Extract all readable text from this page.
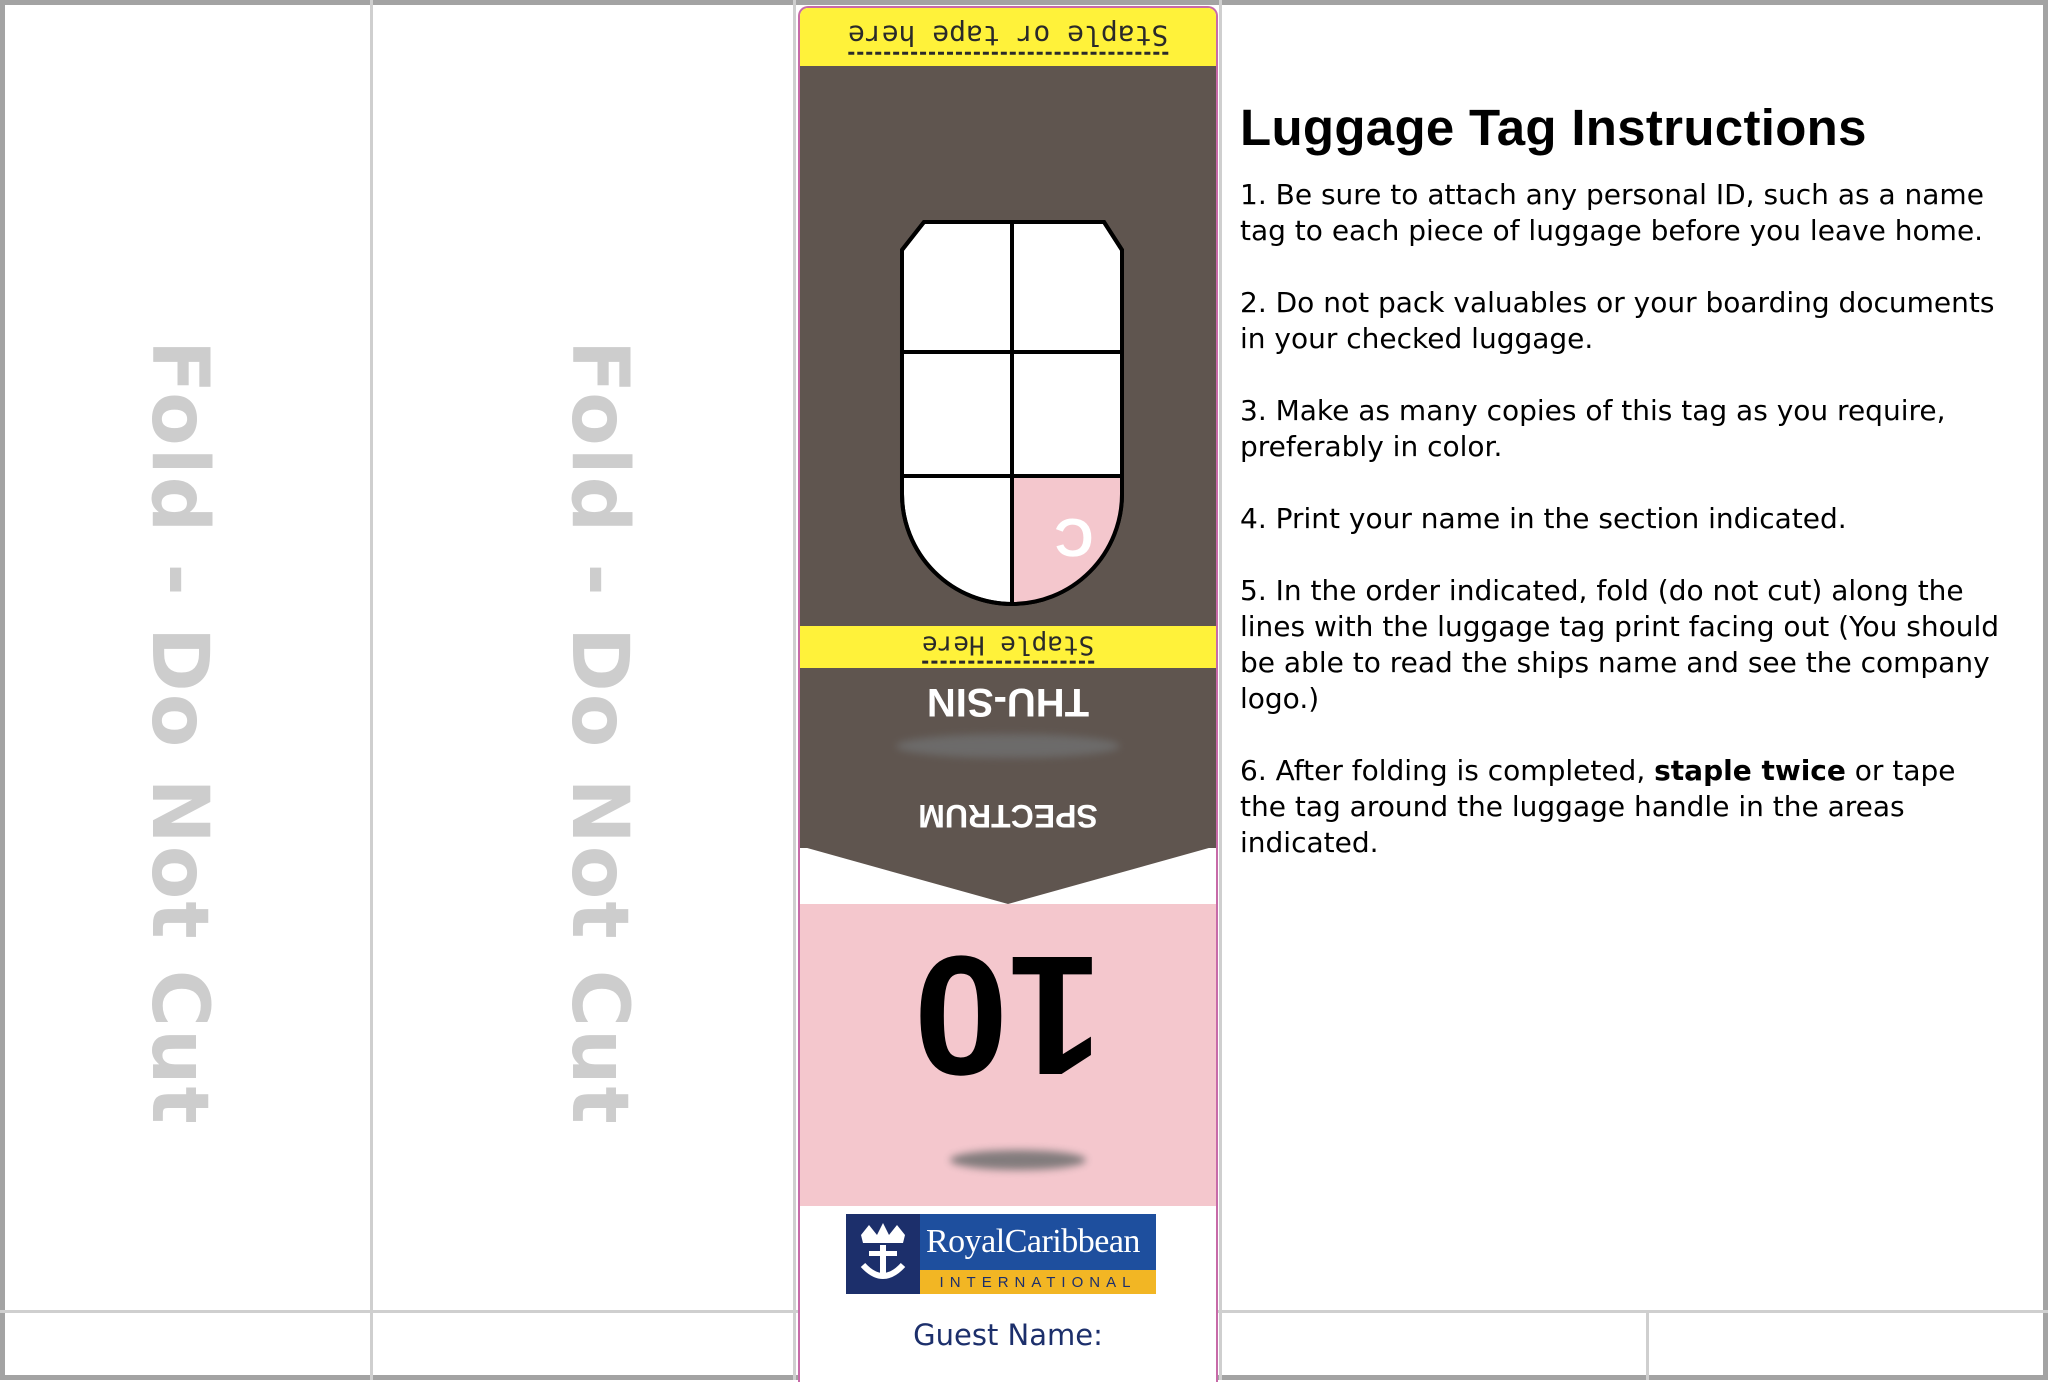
Fold - Do Not Cut	Fold - Do Not Cut
Staple or tape here
C
Staple Here
THU-SIN
SPECTRUM
10
RoyalCaribbean
INTERNATIONAL
Guest Name:
Luggage Tag Instructions

1. Be sure to attach any personal ID, such as a name tag to each piece of luggage before you leave home.

2. Do not pack valuables or your boarding documents in your checked luggage.

3. Make as many copies of this tag as you require, preferably in color.

4. Print your name in the section indicated.

5. In the order indicated, fold (do not cut) along the lines with the luggage tag print facing out (You should be able to read the ships name and see the company logo.)

6. After folding is completed, staple twice or tape the tag around the luggage handle in the areas indicated.
